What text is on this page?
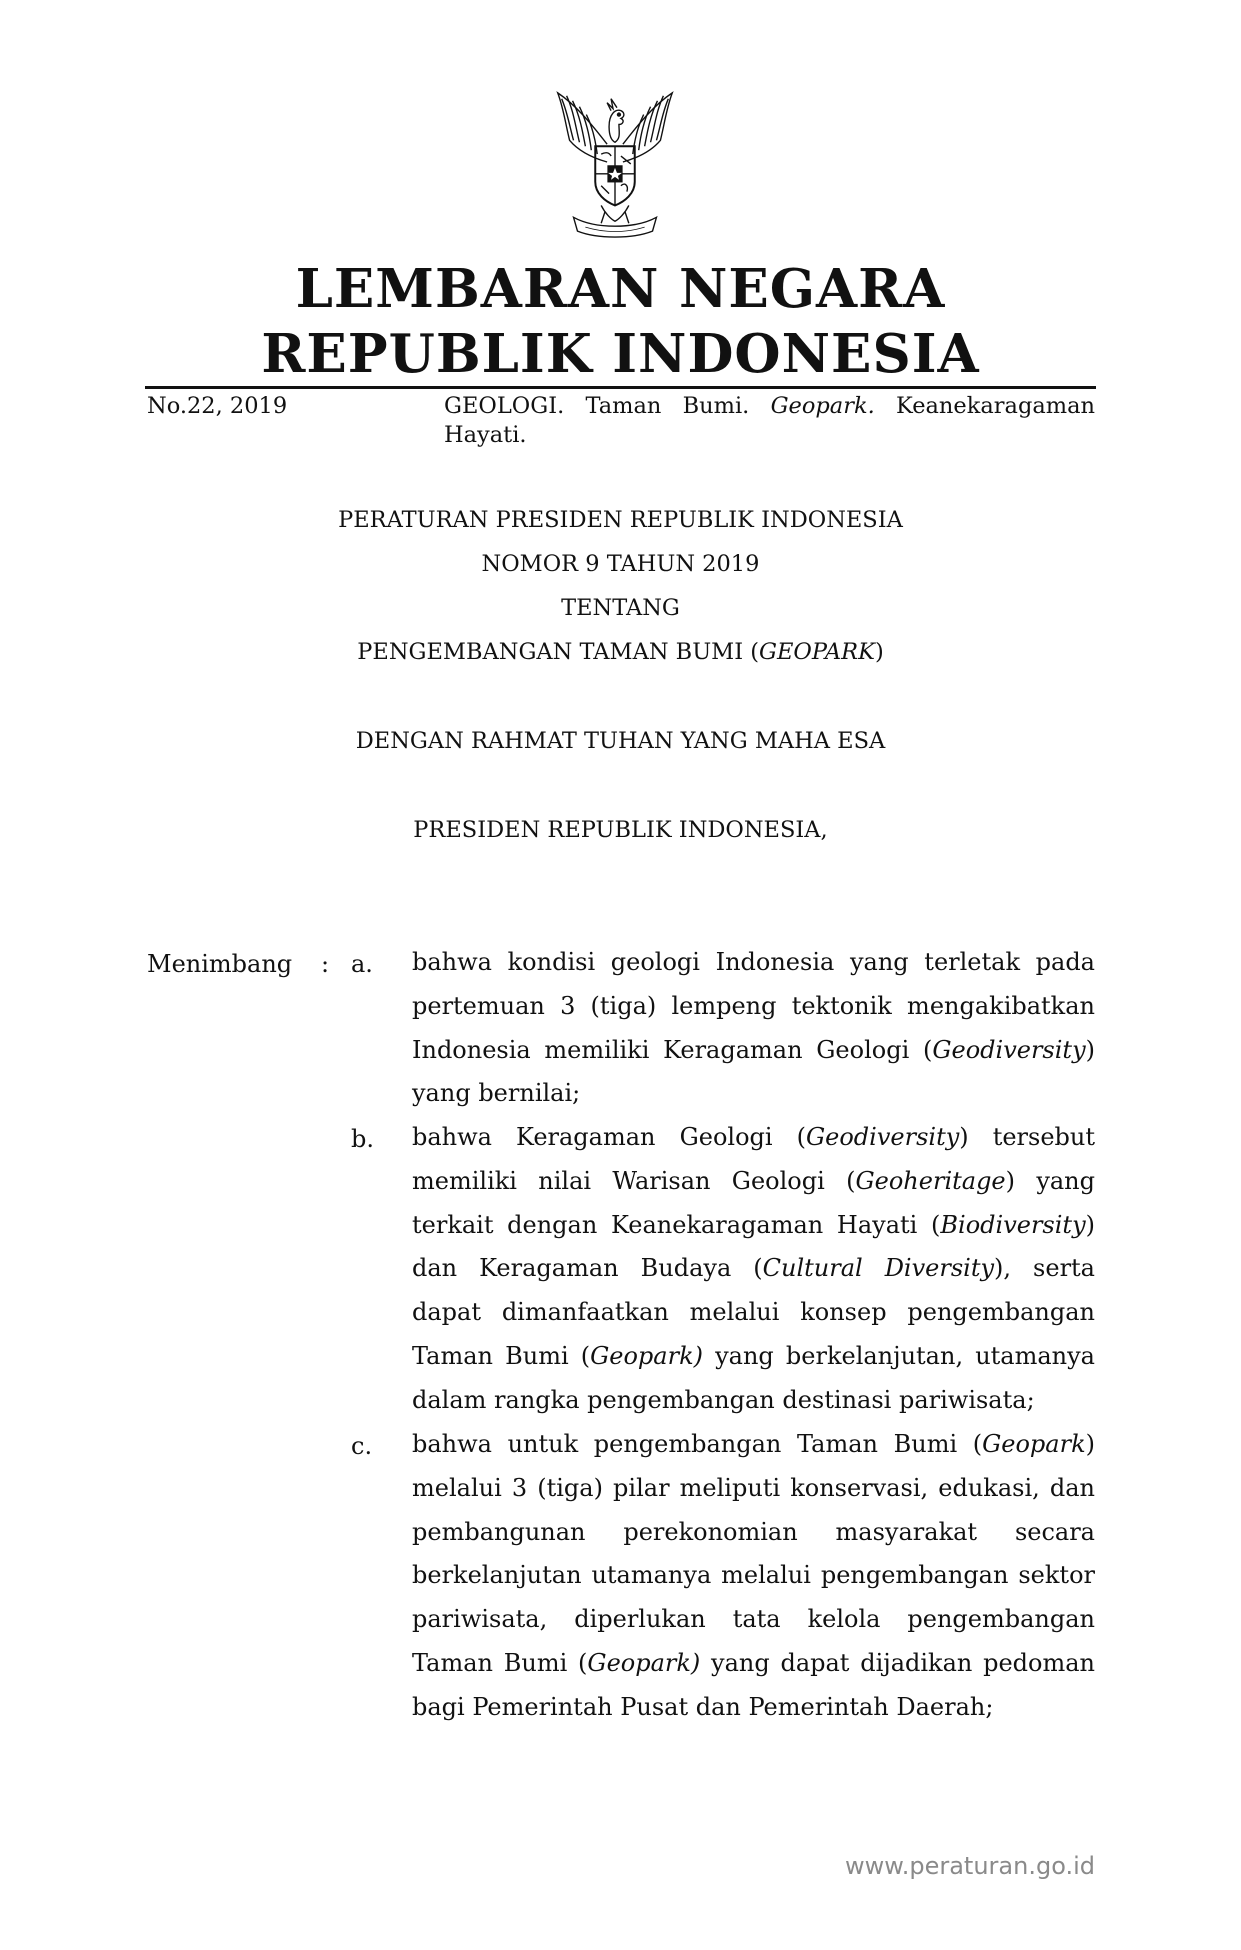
LEMBARAN NEGARA
REPUBLIK INDONESIA
No.22, 2019	GEOLOGI. Taman Bumi. Geopark. Keanekaragaman Hayati.
PERATURAN PRESIDEN REPUBLIK INDONESIA
NOMOR 9 TAHUN 2019
TENTANG
PENGEMBANGAN TAMAN BUMI (GEOPARK)
DENGAN RAHMAT TUHAN YANG MAHA ESA
PRESIDEN REPUBLIK INDONESIA,
Menimbang : a. bahwa kondisi geologi Indonesia yang terletak pada pertemuan 3 (tiga) lempeng tektonik mengakibatkan Indonesia memiliki Keragaman Geologi (Geodiversity) yang bernilai;
b. bahwa Keragaman Geologi (Geodiversity) tersebut memiliki nilai Warisan Geologi (Geoheritage) yang terkait dengan Keanekaragaman Hayati (Biodiversity) dan Keragaman Budaya (Cultural Diversity), serta dapat dimanfaatkan melalui konsep pengembangan Taman Bumi (Geopark) yang berkelanjutan, utamanya dalam rangka pengembangan destinasi pariwisata;
c. bahwa untuk pengembangan Taman Bumi (Geopark) melalui 3 (tiga) pilar meliputi konservasi, edukasi, dan pembangunan perekonomian masyarakat secara berkelanjutan utamanya melalui pengembangan sektor pariwisata, diperlukan tata kelola pengembangan Taman Bumi (Geopark) yang dapat dijadikan pedoman bagi Pemerintah Pusat dan Pemerintah Daerah;
www.peraturan.go.id
